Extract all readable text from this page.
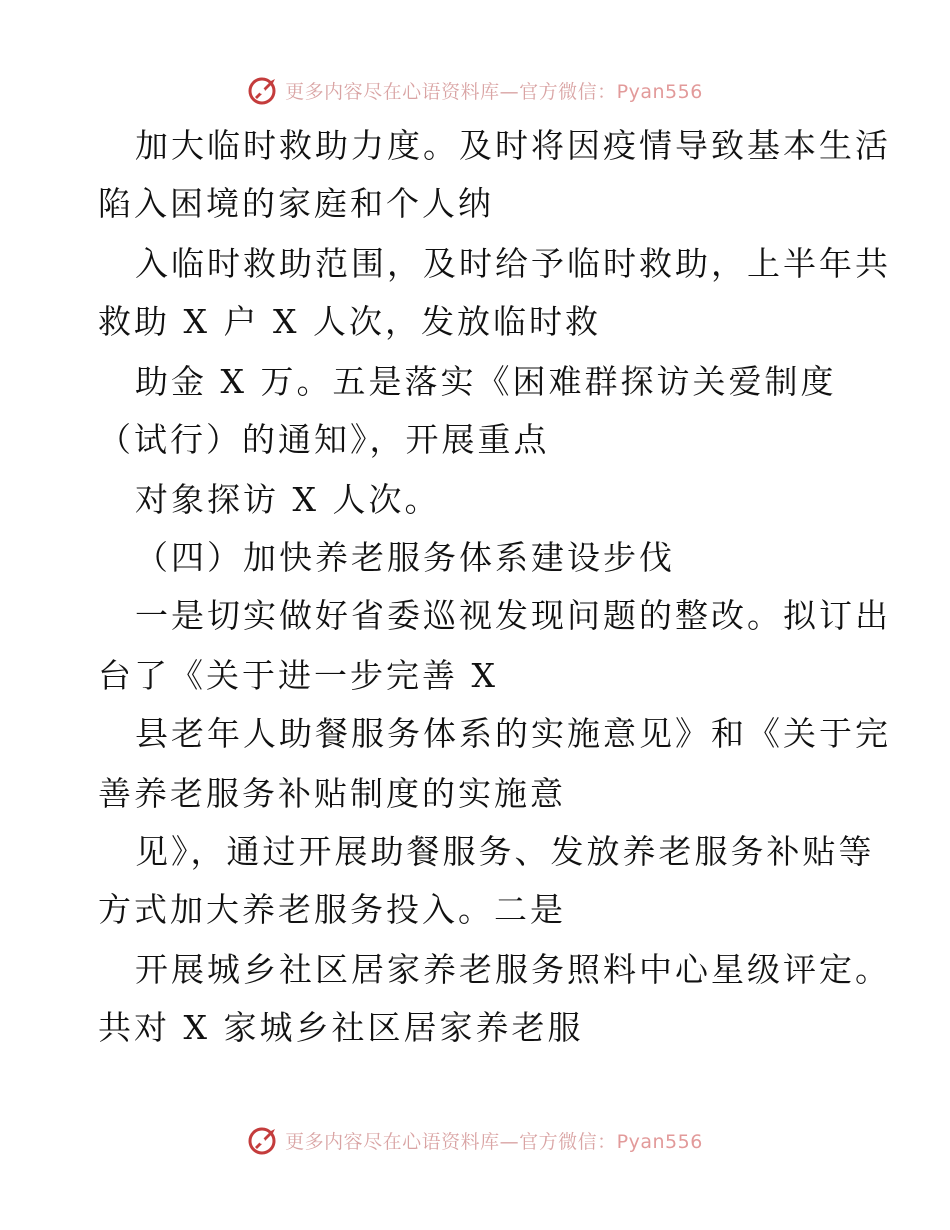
更多内容尽在心语资料库—官方微信：Pyan556
加大临时救助力度。及时将因疫情导致基本生活
陷入困境的家庭和个人纳
入临时救助范围，及时给予临时救助，上半年共
救助 X 户 X 人次，发放临时救
助金 X 万。五是落实《困难群探访关爱制度
（试行）的通知》，开展重点
对象探访 X 人次。
（四）加快养老服务体系建设步伐
一是切实做好省委巡视发现问题的整改。拟订出
台了《关于进一步完善 X
县老年人助餐服务体系的实施意见》和《关于完
善养老服务补贴制度的实施意
见》，通过开展助餐服务、发放养老服务补贴等
方式加大养老服务投入。二是
开展城乡社区居家养老服务照料中心星级评定。
共对 X 家城乡社区居家养老服
更多内容尽在心语资料库—官方微信：Pyan556
